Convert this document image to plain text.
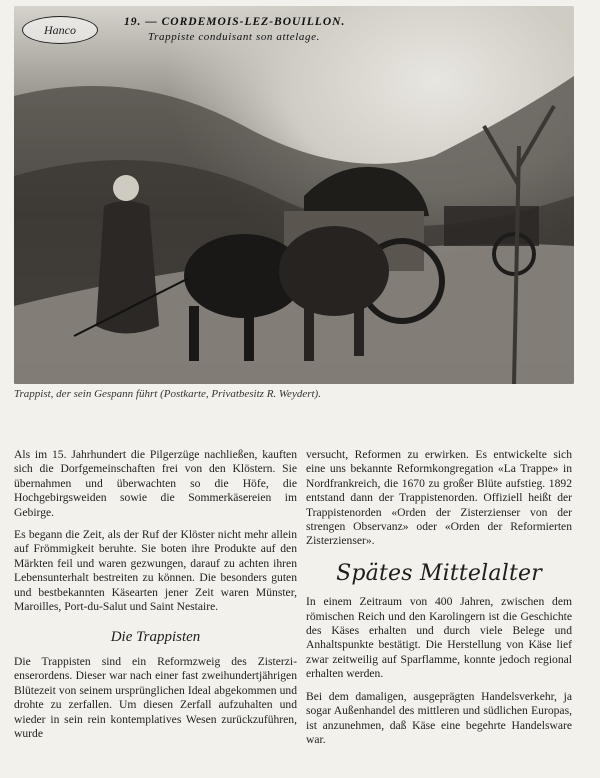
Hanco
19. — CORDEMOIS-LEZ-BOUILLON.
Trappiste conduisant son attelage.
Trappist, der sein Gespann führt (Postkarte, Privatbesitz R. Weydert).

Als im 15. Jahrhundert die Pilgerzüge nachließen, kauften sich die Dorfgemeinschaften frei von den Klöstern. Sie übernahmen und überwachten so die Höfe, die Hochgebirgsweiden sowie die Sommerkäsereien im Gebirge.

Es begann die Zeit, als der Ruf der Klöster nicht mehr allein auf Frömmigkeit beruhte. Sie boten ihre Produkte auf den Märkten feil und waren gezwungen, darauf zu achten ihren Lebensunterhalt bestreiten zu können. Die besonders guten und bestbekannten Käsearten jener Zeit waren Münster, Maroilles, Port-du-Salut und Saint Nestaire.

Die Trappisten

Die Trappisten sind ein Reformzweig des Zisterzienserordens. Dieser war nach einer fast zweihundertjährigen Blütezeit von seinem ursprünglichen Ideal abgekommen und drohte zu zerfallen. Um diesen Zerfall aufzuhalten und wieder in sein rein kontemplatives Wesen zurückzuführen, wurde

versucht, Reformen zu erwirken. Es entwickelte sich eine uns bekannte Reformkongregation «La Trappe» in Nordfrankreich, die 1670 zu großer Blüte aufstieg. 1892 entstand dann der Trappistenorden. Offiziell heißt der Trappistenorden «Orden der Zisterzienser von der strengen Observanz» oder «Orden der Reformierten Zisterzienser».

Spätes Mittelalter

In einem Zeitraum von 400 Jahren, zwischen dem römischen Reich und den Karolingern ist die Geschichte des Käses erhalten und durch viele Belege und Anhaltspunkte bestätigt. Die Herstellung von Käse lief zwar zeitweilig auf Sparflamme, konnte jedoch regional erhalten werden.

Bei dem damaligen, ausgeprägten Handelsverkehr, ja sogar Außenhandel des mittleren und südlichen Europas, ist anzunehmen, daß Käse eine begehrte Handelsware war.
